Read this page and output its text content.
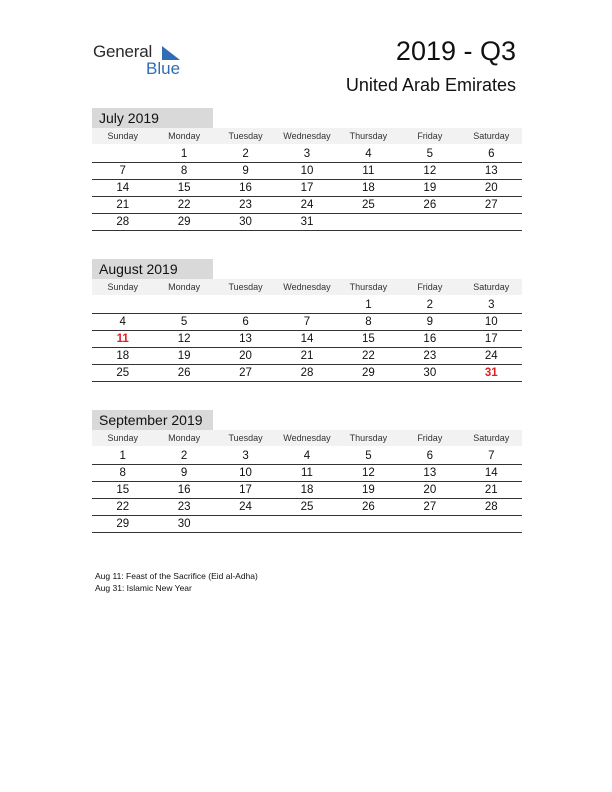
General
Blue
2019 - Q3
United Arab Emirates
July 2019
Sunday	Monday	Tuesday	Wednesday	Thursday	Friday	Saturday

	1	2	3	4	5	6
7	8	9	10	11	12	13
14	15	16	17	18	19	20
21	22	23	24	25	26	27
28	29	30	31			
August 2019
Sunday	Monday	Tuesday	Wednesday	Thursday	Friday	Saturday

				1	2	3
4	5	6	7	8	9	10
11	12	13	14	15	16	17
18	19	20	21	22	23	24
25	26	27	28	29	30	31
September 2019
Sunday	Monday	Tuesday	Wednesday	Thursday	Friday	Saturday

1	2	3	4	5	6	7
8	9	10	11	12	13	14
15	16	17	18	19	20	21
22	23	24	25	26	27	28
29	30					
Aug 11: Feast of the Sacrifice (Eid al-Adha)
Aug 31: Islamic New Year
